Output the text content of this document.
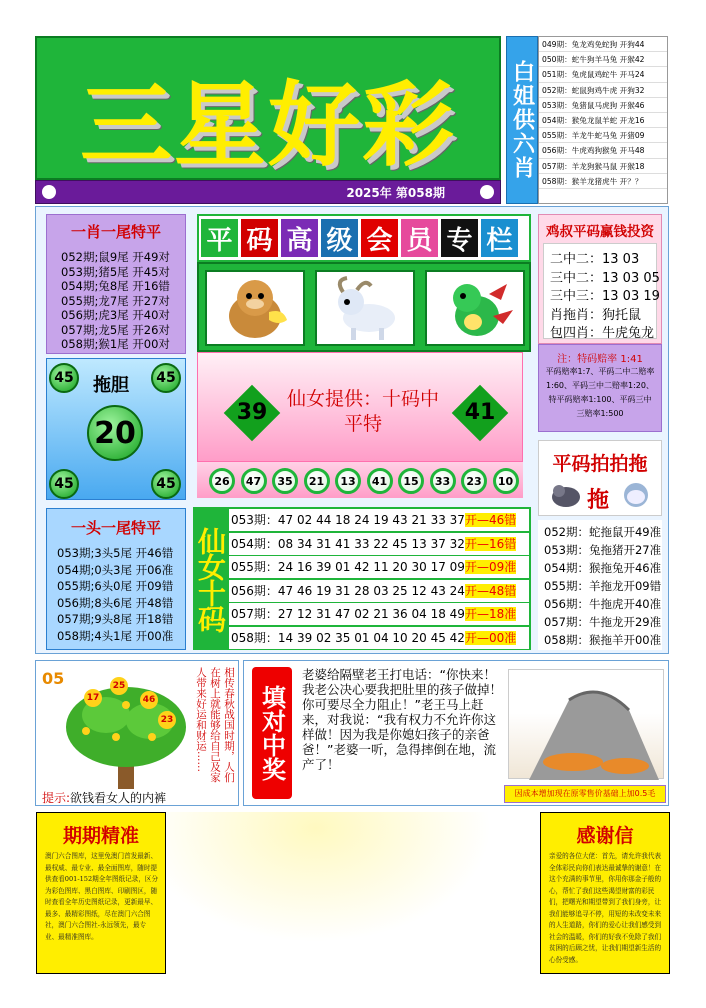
三星好彩
2025年 第058期
白姐供六肖
049期：兔龙鸡免蛇狗 开狗44
050期：蛇牛狗羊马兔 开猴42
051期：兔虎鼠鸡蛇牛 开马24
052期：蛇鼠狗鸡牛虎 开狗32
053期：兔猪鼠马虎狗 开猴46
054期：猴兔龙鼠羊蛇 开龙16
055期：羊龙牛蛇马兔 开猪09
056期：牛虎鸡狗猴兔 开马48
057期：羊龙狗猴马鼠 开猴18
058期：猴羊龙猪虎牛 开？？
一肖一尾特平
052期;鼠9尾 开49对
053期;猪5尾 开45对
054期;兔8尾 开16错
055期;龙7尾 开27对
056期;虎3尾 开40对
057期;龙5尾 开26对
058期;猴1尾 开00对
45 拖胆	45
20
45	45
一头一尾特平
053期;3头5尾 开46错
054期;0头3尾 开06准
055期;6头0尾 开09错
056期;8头6尾 开48错
057期;9头8尾 开18错
058期;4头1尾 开00准
平 码 高 级 会 员 专 栏
39
仙女提供：十码中平特	41
26	47	35	21	13	41	15	33	23	10
仙女十码
053期：47 02 44 18 24 19 43 21 33 37开—46错
054期：08 34 31 41 33 22 45 13 37 32开—16错
055期：24 16 39 01 42 11 20 30 17 09开—09准
056期：47 46 19 31 28 03 25 12 43 24开—48错
057期：27 12 31 47 02 21 36 04 18 49开—18准
058期：14 39 02 35 01 04 10 20 45 42开—00准
鸡叔平码赢钱投资
二中二：13 03
三中二：13 03 05
三中三：13 03 19
肖拖肖：狗托鼠
包四肖：牛虎兔龙
注：特码赔率 1:41
平码赔率1:7、平码二中二赔率1:60、平码三中二赔率1:20、特平码赔率1:100、平码三中三赔率1:500
平码拍拍拖
拖
052期：蛇拖鼠开49准
053期：兔拖猪开27准
054期：猴拖兔开46准
055期：羊拖龙开09错
056期：牛拖虎开40准
057期：牛拖龙开29准
058期：猴拖羊开00准
05
17
25
46
23
提示:欲钱看女人的内裤
相传春秋战国时期，人们在树上就能够给自己及家人带来好运和财运……	填对中奖
老婆给隔壁老王打电话：“你快来！我老公决心要我把肚里的孩子做掉！你可要尽全力阻止！”老王马上赶来，对我说：“我有权力不允许你这样做！因为我是你媳妇孩子的亲爸爸！”老婆一听，急得摔倒在地，流产了！
因成本增加现在原零售价基础上加0.5毛
期期精准
澳门六合图库，这里免澳门首发最新、最权威、最专业、最全面图库，随时提供查看001-152期全年图纸记录，区分为彩色图库、黑白图库、印刷图区，随时查看全年历史图纸记录，更新最早、最多、最精彩图纸，尽在澳门六合图社，澳门六合图社-永远领先，最专业、最精准图库。
感谢信
亲爱的各位大佬：首先，请允许我代表全体彩民向你们表达最诚挚的谢意！在这个充满的事节里，你用你那金子般的心，帮忙了我们这些渴望财富的彩民们，把曙光和期望带到了我们身旁，让我们能够追寻不停，用短的未改变未来的人生道路，你们的爱心让我们感受到社会的温暖，你们的好我不免除了我们贫困的后顾之忧，让我们期望新生活的心份受感。
